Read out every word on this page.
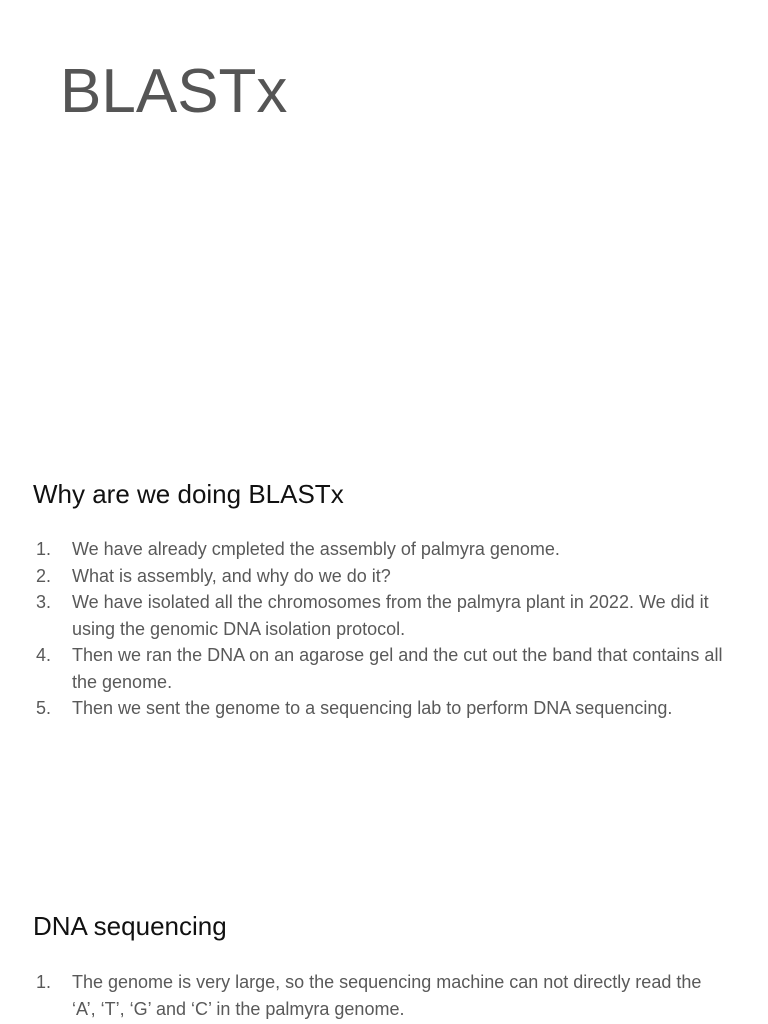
BLASTx
Why are we doing BLASTx
1.	We have already cmpleted the assembly of palmyra genome.
2.	What is assembly, and why do we do it?
3.	We have isolated all the chromosomes from the palmyra plant in 2022. We did it using the genomic DNA isolation protocol.
4.	Then we ran the DNA on an agarose gel and the cut out the band that contains all the genome.
5.	Then we sent the genome to a sequencing lab to perform DNA sequencing.
DNA sequencing
1.	The genome is very large, so the sequencing machine can not directly read the ‘A’, ‘T’, ‘G’ and ‘C’ in the palmyra genome.
